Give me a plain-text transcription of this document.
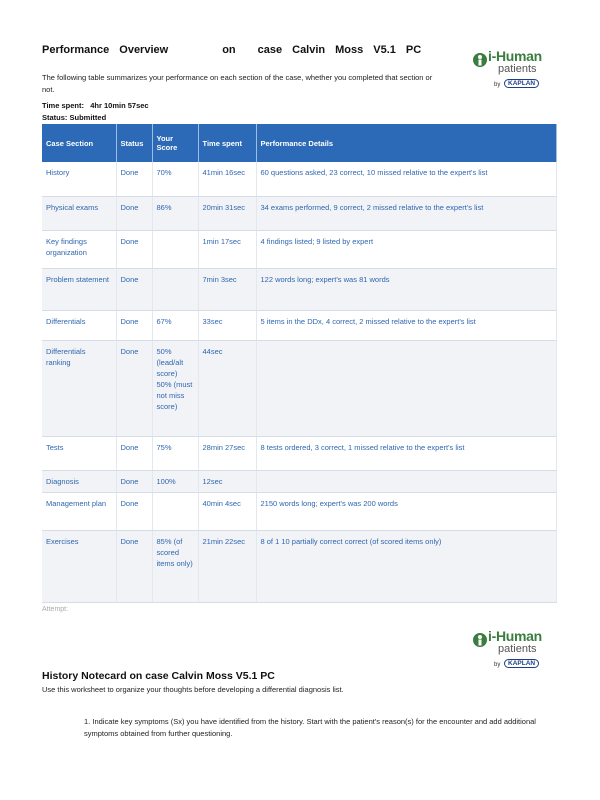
Performance Overview	on case Calvin Moss V5.1 PC	i-Human
patients
by	KAPLAN
The following table summarizes your performance on each section of the case, whether you completed that section or not.
Time spent: 4hr 10min 57sec
Status: Submitted
Case Section	Status	Your Score	Time spent	Performance Details
History	Done	70%	41min 16sec	60 questions asked, 23 correct, 10 missed relative to the expert's list
Physical exams	Done	86%	20min 31sec	34 exams performed, 9 correct, 2 missed relative to the expert's list
Key findings organization	Done		1min 17sec	4 findings listed; 9 listed by expert
Problem statement	Done		7min 3sec	122 words long; expert's was 81 words
Differentials	Done	67%	33sec	5 items in the DDx, 4 correct, 2 missed relative to the expert's list
Differentials ranking	Done	50% (lead/alt score) 50% (must not miss score)	44sec	
Tests	Done	75%	28min 27sec	8 tests ordered, 3 correct, 1 missed relative to the expert's list
Diagnosis	Done	100%	12sec	
Management plan	Done		40min 4sec	2150 words long; expert's was 200 words
Exercises	Done	85% (of scored items only)	21min 22sec	8 of 1 10 partially correct correct (of scored items only)
Attempt:
i-Human
patients
by	KAPLAN
History Notecard on case Calvin Moss V5.1 PC
Use this worksheet to organize your thoughts before developing a differential diagnosis list.
1. Indicate key symptoms (Sx) you have identified from the history. Start with the patient's reason(s) for the encounter and add additional symptoms obtained from further questioning.
